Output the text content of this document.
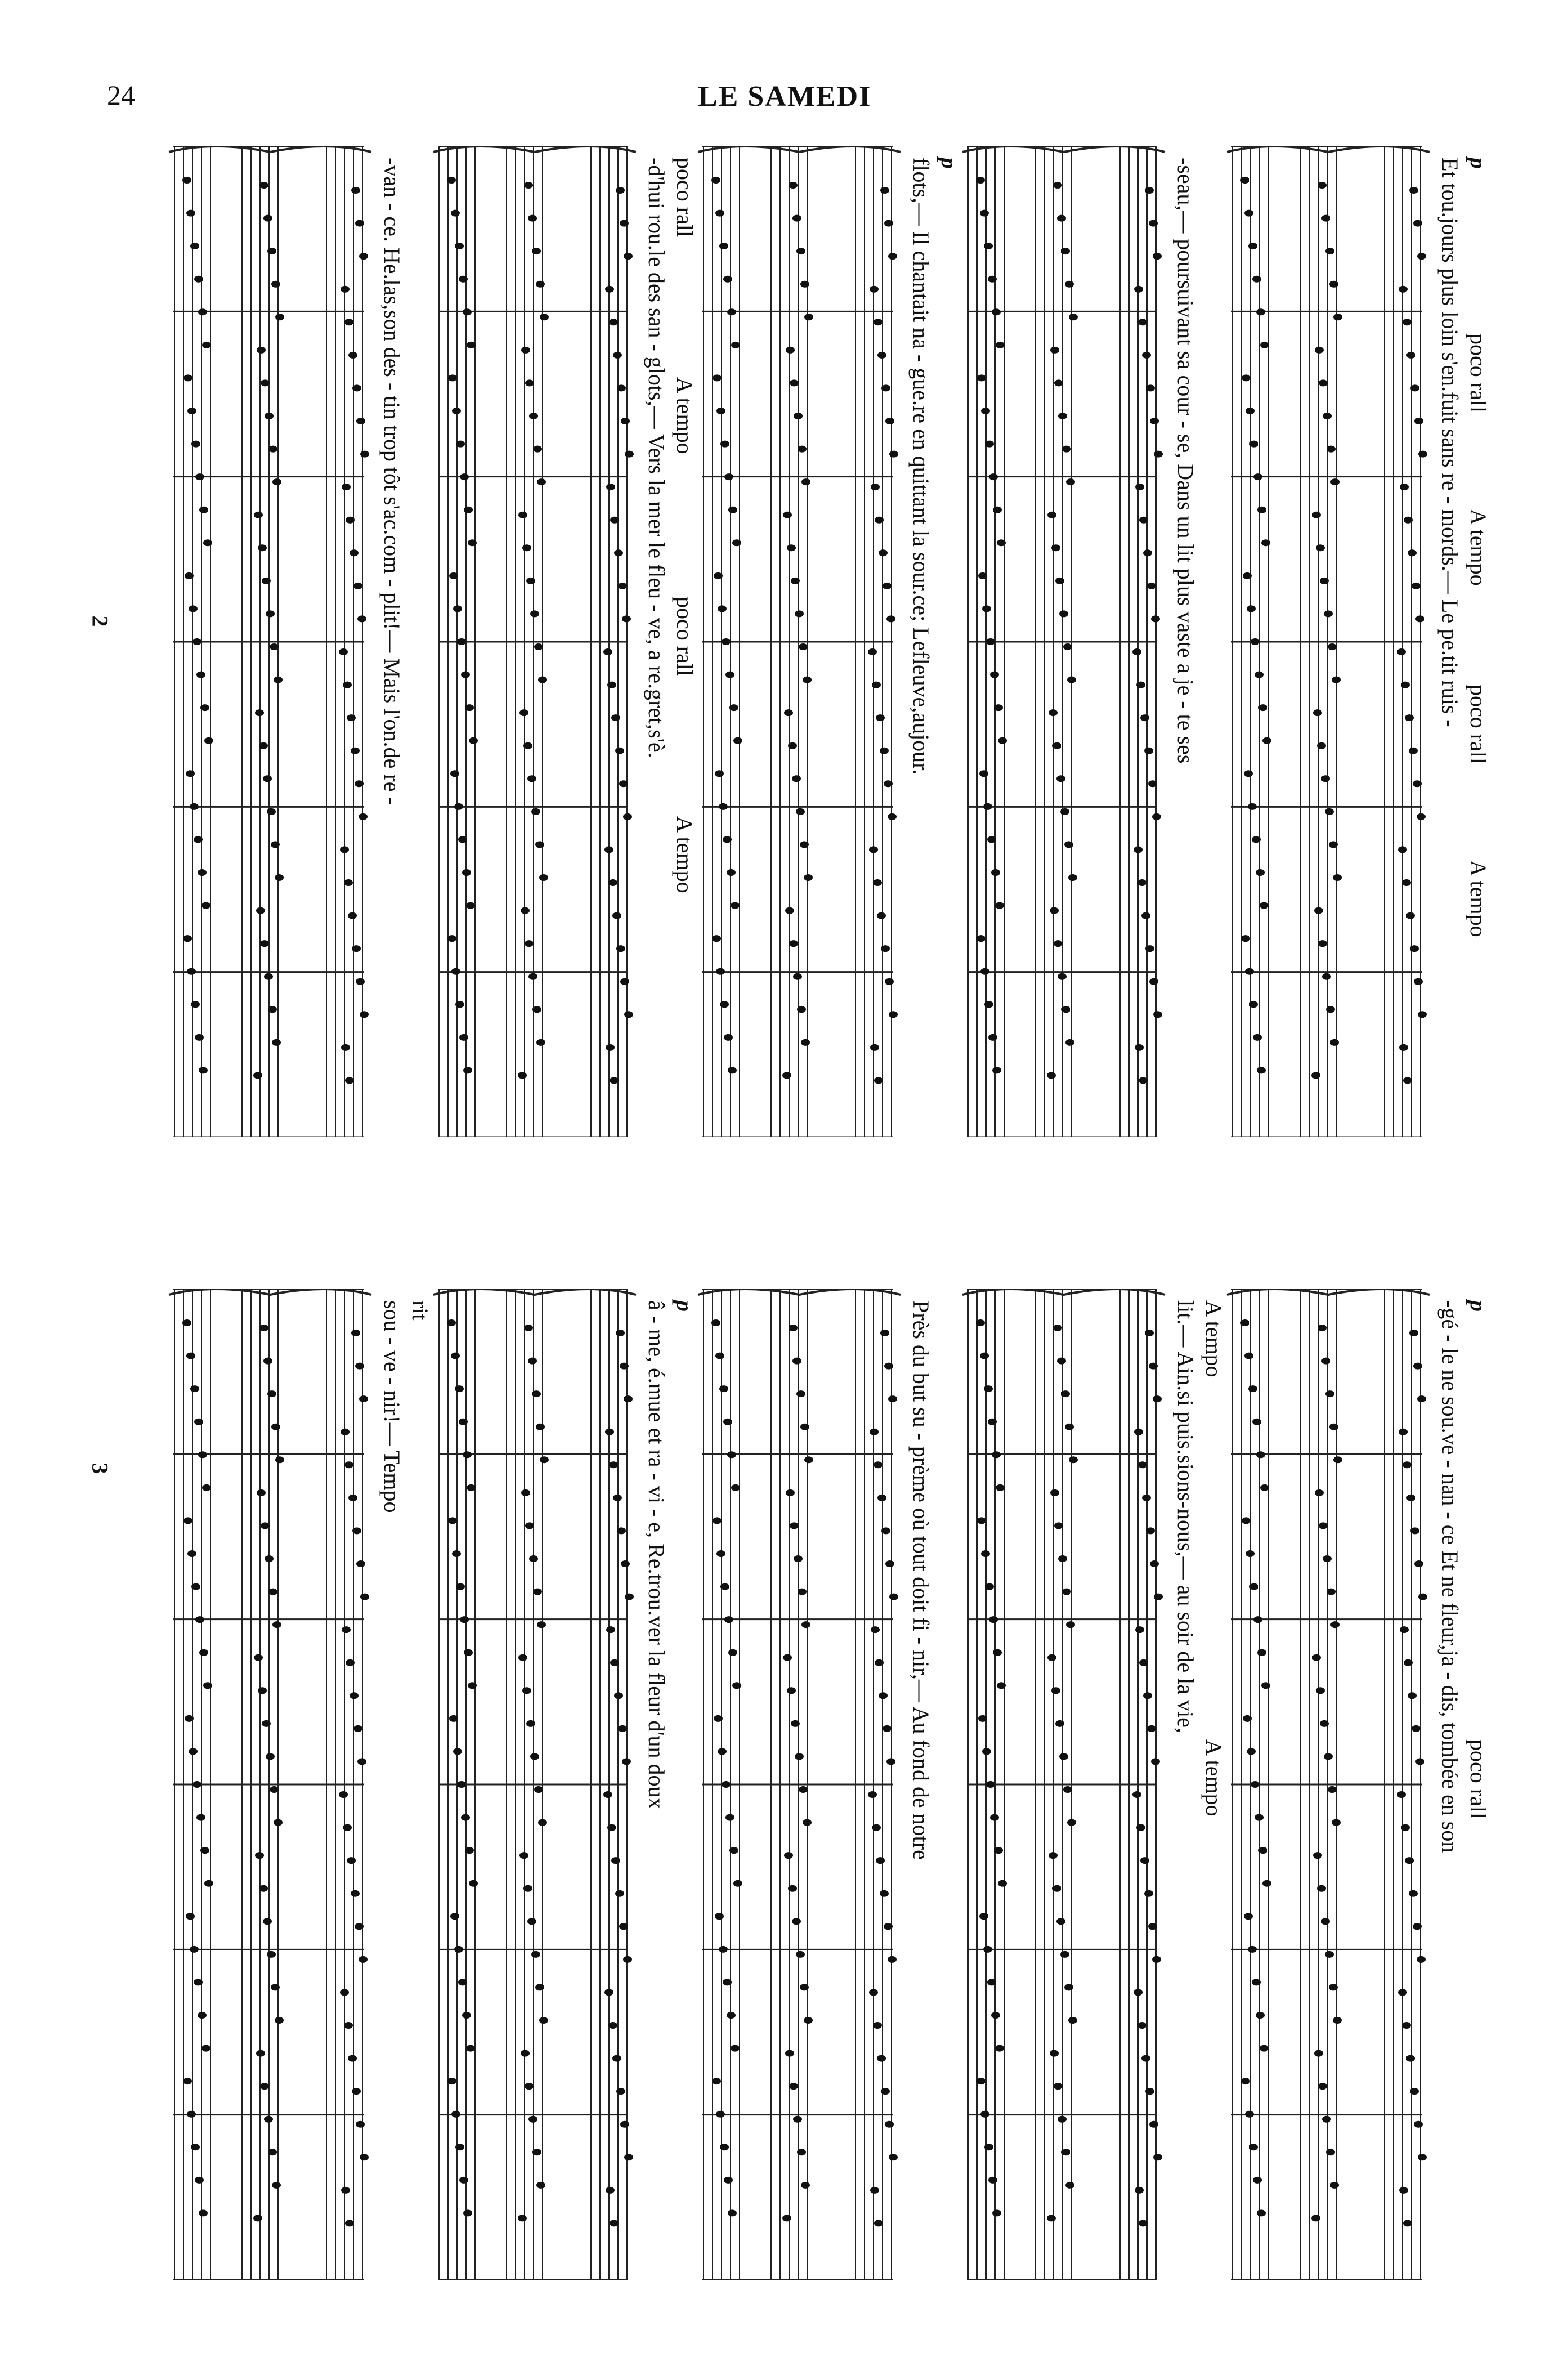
24	LE SAMEDI
2
3
Et tou.jours plus loin s'en.fuit sans re - mords.— Le pe.tit ruis - p
poco rall
A tempo
poco rall
A tempo
-seau,— poursuivant sa cour - se, Dans un lit plus vaste a je - te ses
flots,— Il chantait na - gue.re en quittant la sour.ce; Lefleuve,aujour. p
-d'hui rou.le des san - glots,— Vers la mer le fleu - ve, a re.gret,s'è. poco rall
A tempo
poco rall
A tempo
-van - ce. He.las,son des - tin trop tôt s'ac.com - plit!— Mais l'on.de re -
-gé - le ne sou.ve - nan - ce Et ne fleur,ja - dis, tombée en son p
poco rall
lit.— Ain.si puis.sions-nous,— au soir de la vie, A tempo
A tempo
Près du but su - prème où tout doit fi - nir,— Au fond de notre
â - me, é.mue et ra - vi - e, Re.trou.ver la fleur d'un doux p
sou - ve - nir!— Tempo rit
